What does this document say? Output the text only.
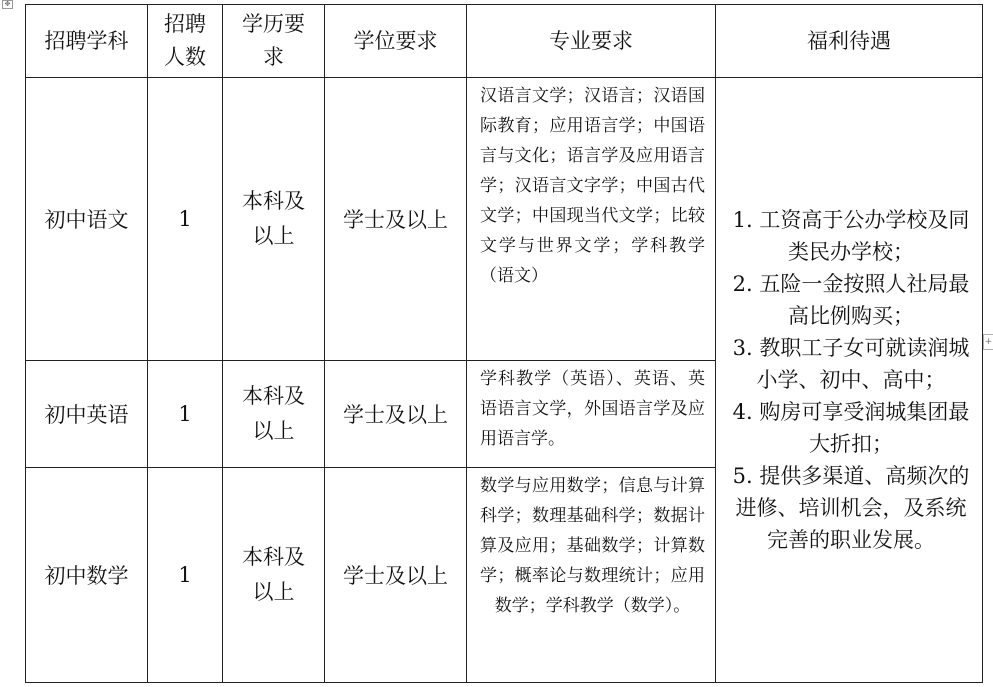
✥
+
招聘学科	招聘人数	学历要求	学位要求	专业要求	福利待遇
初中语文	1	本科及以上	学士及以上	汉语言文学；汉语言；汉语国际教育；应用语言学；中国语言与文化；语言学及应用语言学；汉语言文字学；中国古代文学；中国现当代文学；比较文学与世界文学；学科教学（语文）	1. 工资高于公办学校及同类民办学校；
2. 五险一金按照人社局最高比例购买；
3. 教职工子女可就读润城小学、初中、高中；
4. 购房可享受润城集团最大折扣；
5. 提供多渠道、高频次的进修、培训机会，及系统完善的职业发展。

初中英语	1	本科及以上	学士及以上	学科教学（英语）、英语、英语语言文学，外国语言学及应用语言学。	
初中数学	1	本科及以上	学士及以上	数学与应用数学；信息与计算科学；数理基础科学；数据计算及应用；基础数学；计算数学；概率论与数理统计；应用数学；学科教学（数学）。	
